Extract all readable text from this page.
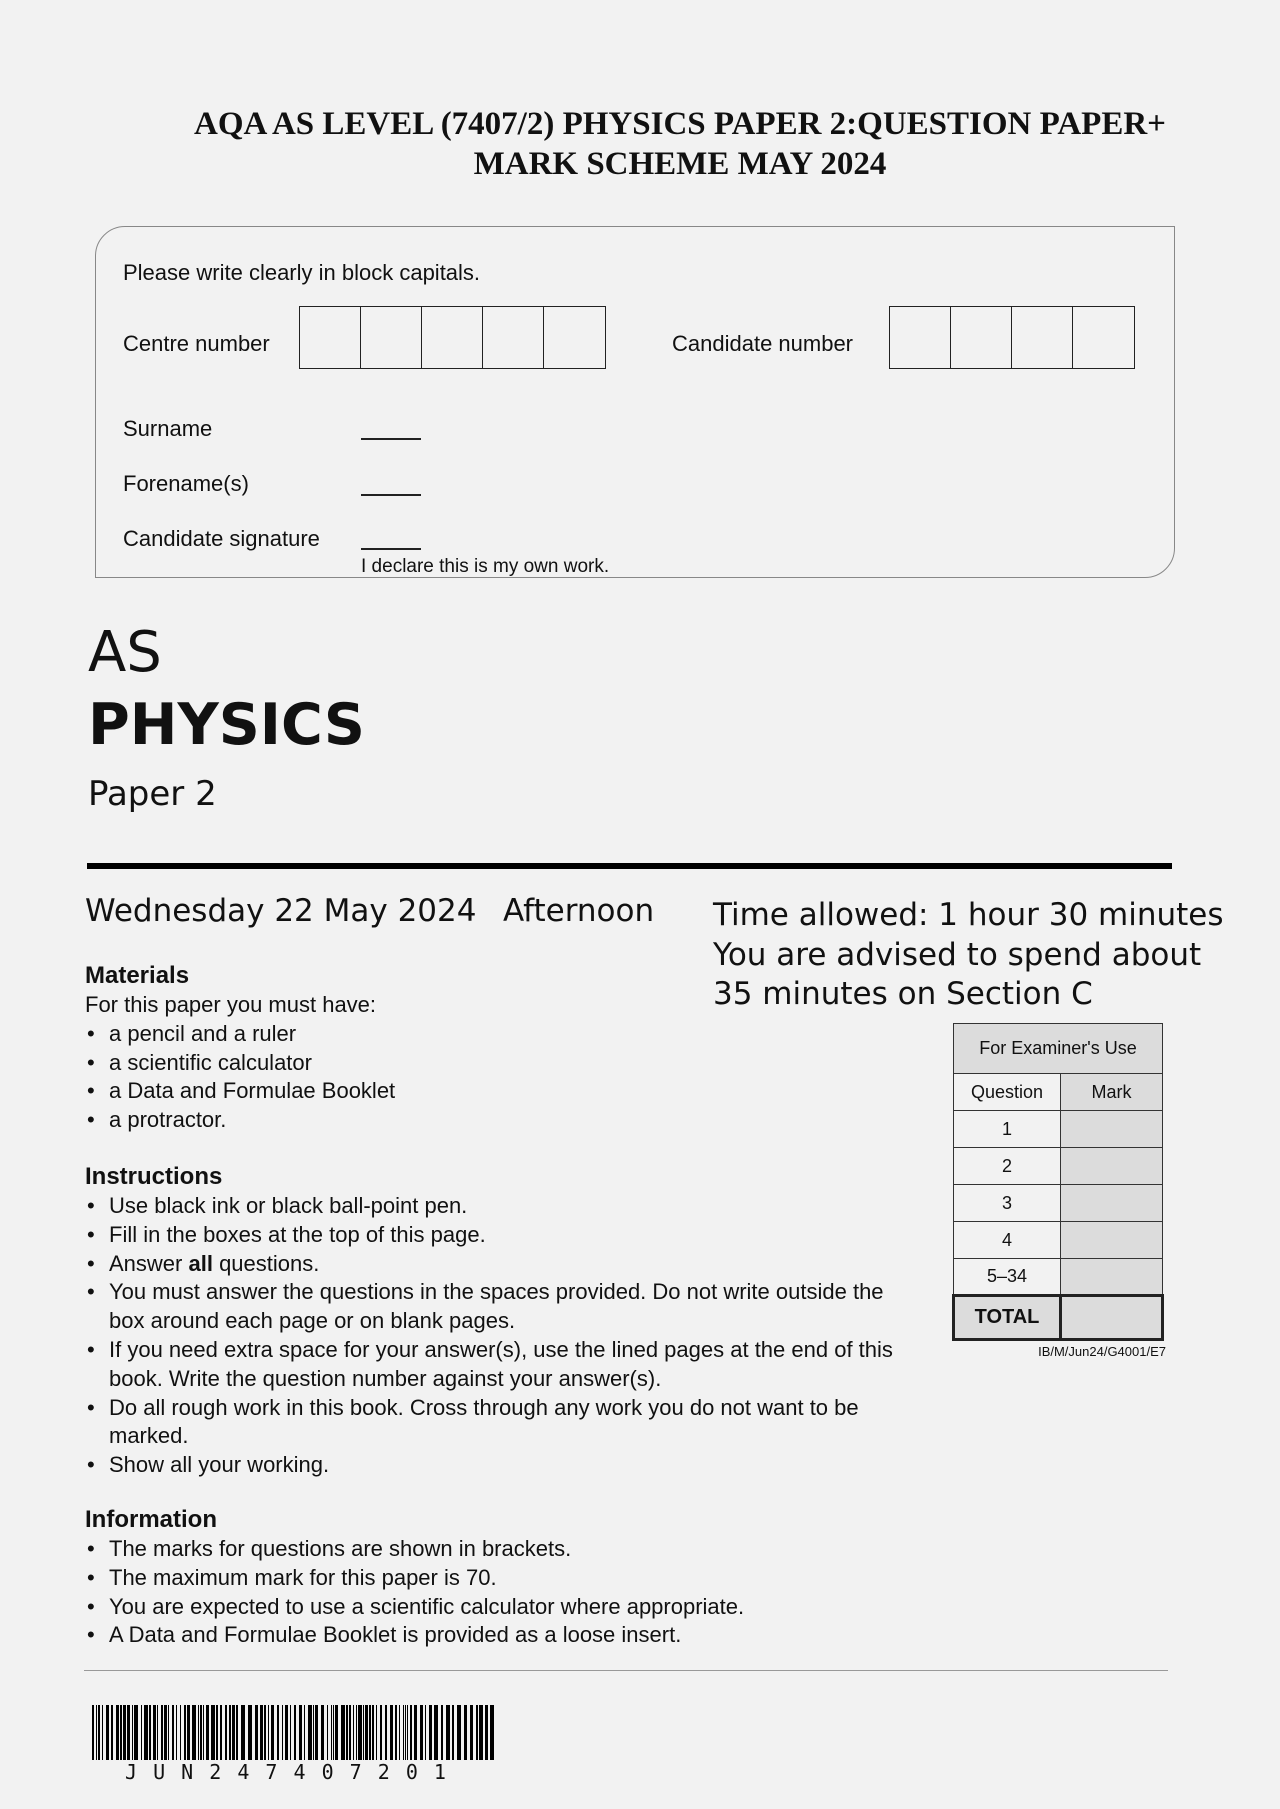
AQA AS LEVEL (7407/2) PHYSICS PAPER 2:QUESTION PAPER+
MARK SCHEME MAY 2024
Please write clearly in block capitals.
Centre number	Candidate number
Surname
Forename(s)
Candidate signature
I declare this is my own work.
AS
PHYSICS
Paper 2
Wednesday 22 May 2024 Afternoon Time allowed: 1 hour 30 minutes
You are advised to spend about
35 minutes on Section C
Materials

For this paper you must have:

• a pencil and a ruler
• a scientific calculator
• a Data and Formulae Booklet
• a protractor.
Instructions
• Use black ink or black ball-point pen.
• Fill in the boxes at the top of this page.
• Answer all questions.
• You must answer the questions in the spaces provided. Do not write outside the box around each page or on blank pages.
• If you need extra space for your answer(s), use the lined pages at the end of this book. Write the question number against your answer(s).
• Do all rough work in this book. Cross through any work you do not want to be marked.
• Show all your working.
Information
• The marks for questions are shown in brackets.
• The maximum mark for this paper is 70.
• You are expected to use a scientific calculator where appropriate.
• A Data and Formulae Booklet is provided as a loose insert.
For Examiner's Use	
Question	Mark
1	
2	
3	
4	
5–34	
TOTAL	
IB/M/Jun24/G4001/E7
J U N 2 4 7 4 0 7 2 0 1
